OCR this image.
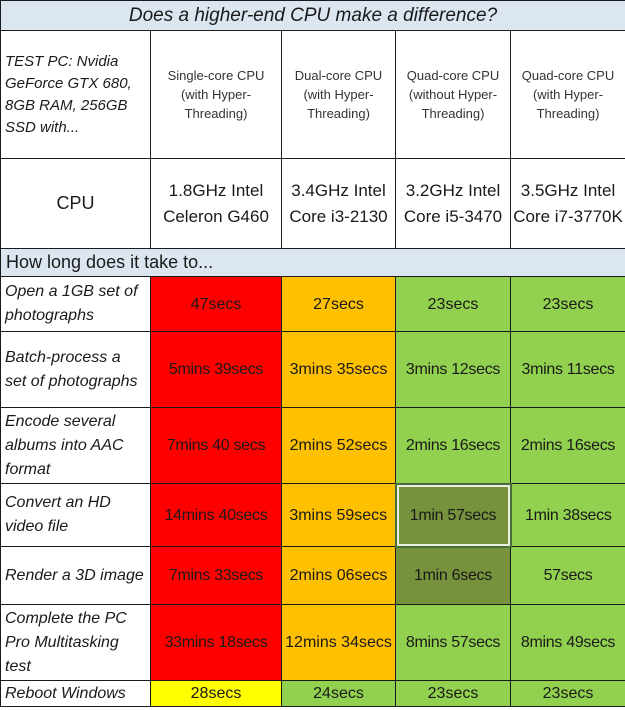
Does a higher-end CPU make a difference?				
TEST PC: Nvidia GeForce GTX 680, 8GB RAM, 256GB SSD with...	Single-core CPU (with Hyper-Threading)	Dual-core CPU (with Hyper-Threading)	Quad-core CPU (without Hyper-Threading)	Quad-core CPU (with Hyper-Threading)
CPU	1.8GHz Intel Celeron G460	3.4GHz Intel Core i3-2130	3.2GHz Intel Core i5-3470	3.5GHz Intel Core i7-3770K
How long does it take to...				
Open a 1GB set of photographs	47secs	27secs	23secs	23secs
Batch-process a set of photographs	5mins 39secs	3mins 35secs	3mins 12secs	3mins 11secs
Encode several albums into AAC format	7mins 40 secs	2mins 52secs	2mins 16secs	2mins 16secs
Convert an HD video file	14mins 40secs	3mins 59secs	1min 57secs	1min 38secs
Render a 3D image	7mins 33secs	2mins 06secs	1min 6secs	57secs
Complete the PC Pro Multitasking test	33mins 18secs	12mins 34secs	8mins 57secs	8mins 49secs
Reboot Windows	28secs	24secs	23secs	23secs
